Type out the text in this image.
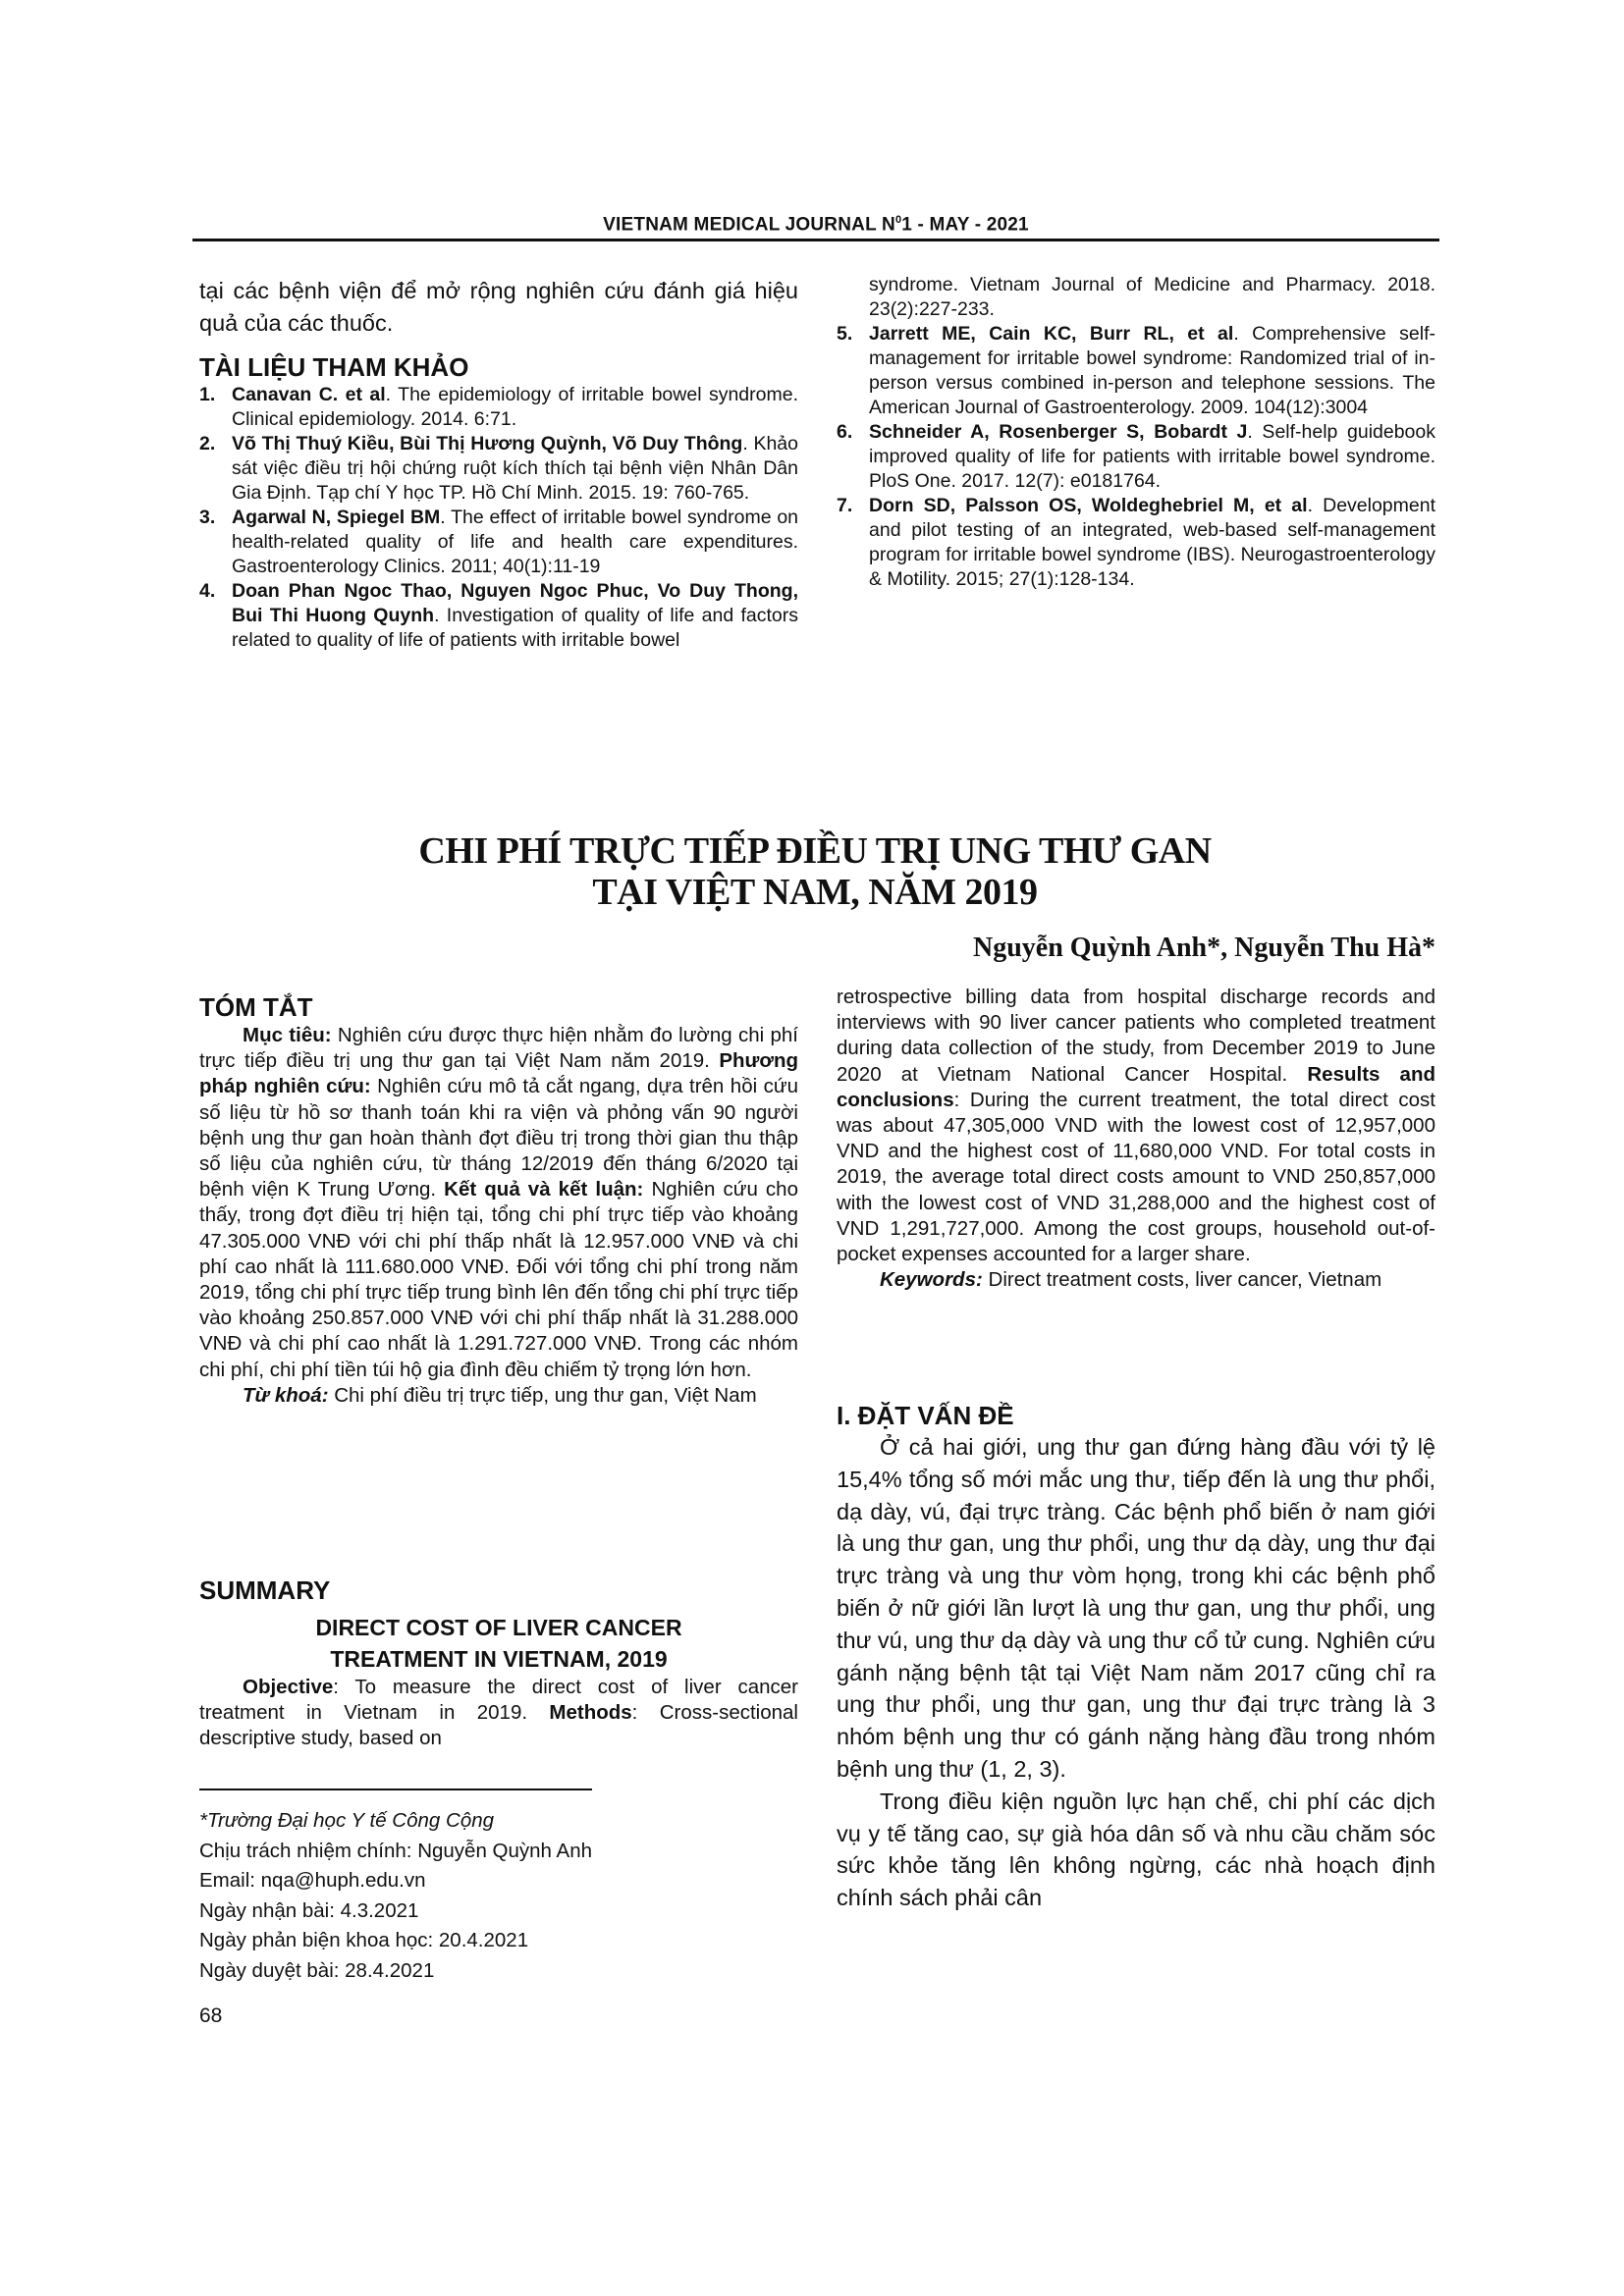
VIETNAM MEDICAL JOURNAL $N^01$ - MAY - 2021
tại các bệnh viện để mở rộng nghiên cứu đánh giá hiệu quả của các thuốc.
TÀI LIỆU THAM KHẢO
1. Canavan C. et al. The epidemiology of irritable bowel syndrome. Clinical epidemiology. 2014. 6:71.
2. Võ Thị Thuý Kiều, Bùi Thị Hương Quỳnh, Võ Duy Thông. Khảo sát việc điều trị hội chứng ruột kích thích tại bệnh viện Nhân Dân Gia Định. Tạp chí Y học TP. Hồ Chí Minh. 2015. 19: 760-765.
3. Agarwal N, Spiegel BM. The effect of irritable bowel syndrome on health-related quality of life and health care expenditures. Gastroenterology Clinics. 2011; 40(1):11-19
4. Doan Phan Ngoc Thao, Nguyen Ngoc Phuc, Vo Duy Thong, Bui Thi Huong Quynh. Investigation of quality of life and factors related to quality of life of patients with irritable bowel
syndrome. Vietnam Journal of Medicine and Pharmacy. 2018. 23(2):227-233.
5. Jarrett ME, Cain KC, Burr RL, et al. Comprehensive self-management for irritable bowel syndrome: Randomized trial of in-person versus combined in-person and telephone sessions. The American Journal of Gastroenterology. 2009. 104(12):3004
6. Schneider A, Rosenberger S, Bobardt J. Self-help guidebook improved quality of life for patients with irritable bowel syndrome. PloS One. 2017. 12(7): e0181764.
7. Dorn SD, Palsson OS, Woldeghebriel M, et al. Development and pilot testing of an integrated, web-based self-management program for irritable bowel syndrome (IBS). Neurogastroenterology & Motility. 2015; 27(1):128-134.
CHI PHÍ TRỰC TIẾP ĐIỀU TRỊ UNG THƯ GAN
TẠI VIỆT NAM, NĂM 2019
Nguyễn Quỳnh Anh*, Nguyễn Thu Hà*
TÓM TẮT
Mục tiêu: Nghiên cứu được thực hiện nhằm đo lường chi phí trực tiếp điều trị ung thư gan tại Việt Nam năm 2019. Phương pháp nghiên cứu: Nghiên cứu mô tả cắt ngang, dựa trên hồi cứu số liệu từ hồ sơ thanh toán khi ra viện và phỏng vấn 90 người bệnh ung thư gan hoàn thành đợt điều trị trong thời gian thu thập số liệu của nghiên cứu, từ tháng 12/2019 đến tháng 6/2020 tại bệnh viện K Trung Ương. Kết quả và kết luận: Nghiên cứu cho thấy, trong đợt điều trị hiện tại, tổng chi phí trực tiếp vào khoảng 47.305.000 VNĐ với chi phí thấp nhất là 12.957.000 VNĐ và chi phí cao nhất là 111.680.000 VNĐ. Đối với tổng chi phí trong năm 2019, tổng chi phí trực tiếp trung bình lên đến tổng chi phí trực tiếp vào khoảng 250.857.000 VNĐ với chi phí thấp nhất là 31.288.000 VNĐ và chi phí cao nhất là 1.291.727.000 VNĐ. Trong các nhóm chi phí, chi phí tiền túi hộ gia đình đều chiếm tỷ trọng lớn hơn.
Từ khoá: Chi phí điều trị trực tiếp, ung thư gan, Việt Nam
SUMMARY
DIRECT COST OF LIVER CANCER
TREATMENT IN VIETNAM, 2019
Objective: To measure the direct cost of liver cancer treatment in Vietnam in 2019. Methods: Cross-sectional descriptive study, based on
*Trường Đại học Y tế Công Cộng
Chịu trách nhiệm chính: Nguyễn Quỳnh Anh
Email: nqa@huph.edu.vn
Ngày nhận bài: 4.3.2021
Ngày phản biện khoa học: 20.4.2021
Ngày duyệt bài: 28.4.2021
68
retrospective billing data from hospital discharge records and interviews with 90 liver cancer patients who completed treatment during data collection of the study, from December 2019 to June 2020 at Vietnam National Cancer Hospital. Results and conclusions: During the current treatment, the total direct cost was about 47,305,000 VND with the lowest cost of 12,957,000 VND and the highest cost of 11,680,000 VND. For total costs in 2019, the average total direct costs amount to VND 250,857,000 with the lowest cost of VND 31,288,000 and the highest cost of VND 1,291,727,000. Among the cost groups, household out-of-pocket expenses accounted for a larger share.
Keywords: Direct treatment costs, liver cancer, Vietnam
I. ĐẶT VẤN ĐỀ
Ở cả hai giới, ung thư gan đứng hàng đầu với tỷ lệ 15,4% tổng số mới mắc ung thư, tiếp đến là ung thư phổi, dạ dày, vú, đại trực tràng. Các bệnh phổ biến ở nam giới là ung thư gan, ung thư phổi, ung thư dạ dày, ung thư đại trực tràng và ung thư vòm họng, trong khi các bệnh phổ biến ở nữ giới lần lượt là ung thư gan, ung thư phổi, ung thư vú, ung thư dạ dày và ung thư cổ tử cung. Nghiên cứu gánh nặng bệnh tật tại Việt Nam năm 2017 cũng chỉ ra ung thư phổi, ung thư gan, ung thư đại trực tràng là 3 nhóm bệnh ung thư có gánh nặng hàng đầu trong nhóm bệnh ung thư (1, 2, 3).
Trong điều kiện nguồn lực hạn chế, chi phí các dịch vụ y tế tăng cao, sự già hóa dân số và nhu cầu chăm sóc sức khỏe tăng lên không ngừng, các nhà hoạch định chính sách phải cân
